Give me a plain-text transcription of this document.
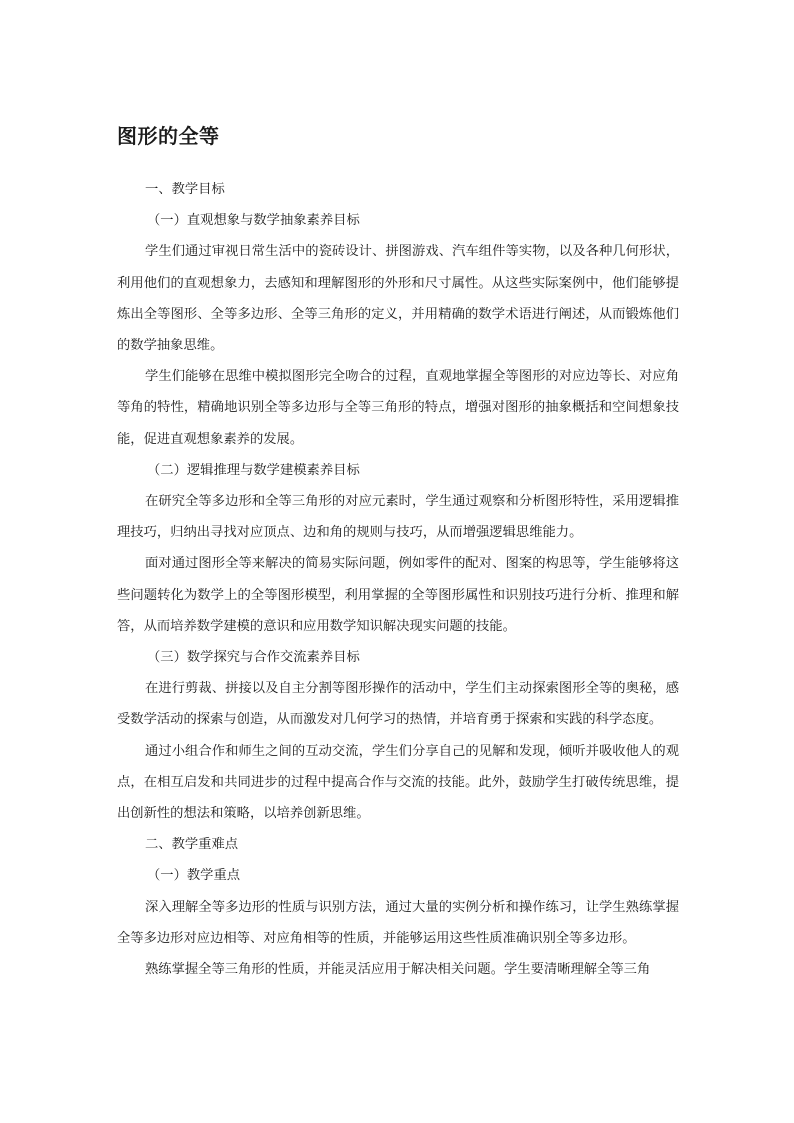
图形的全等

一、教学目标

（一）直观想象与数学抽象素养目标

学生们通过审视日常生活中的瓷砖设计、拼图游戏、汽车组件等实物，以及各种几何形状，利用他们的直观想象力，去感知和理解图形的外形和尺寸属性。从这些实际案例中，他们能够提炼出全等图形、全等多边形、全等三角形的定义，并用精确的数学术语进行阐述，从而锻炼他们的数学抽象思维。

学生们能够在思维中模拟图形完全吻合的过程，直观地掌握全等图形的对应边等长、对应角等角的特性，精确地识别全等多边形与全等三角形的特点，增强对图形的抽象概括和空间想象技能，促进直观想象素养的发展。

（二）逻辑推理与数学建模素养目标

在研究全等多边形和全等三角形的对应元素时，学生通过观察和分析图形特性，采用逻辑推理技巧，归纳出寻找对应顶点、边和角的规则与技巧，从而增强逻辑思维能力。

面对通过图形全等来解决的简易实际问题，例如零件的配对、图案的构思等，学生能够将这些问题转化为数学上的全等图形模型，利用掌握的全等图形属性和识别技巧进行分析、推理和解答，从而培养数学建模的意识和应用数学知识解决现实问题的技能。

（三）数学探究与合作交流素养目标

在进行剪裁、拼接以及自主分割等图形操作的活动中，学生们主动探索图形全等的奥秘，感受数学活动的探索与创造，从而激发对几何学习的热情，并培育勇于探索和实践的科学态度。

通过小组合作和师生之间的互动交流，学生们分享自己的见解和发现，倾听并吸收他人的观点，在相互启发和共同进步的过程中提高合作与交流的技能。此外，鼓励学生打破传统思维，提出创新性的想法和策略，以培养创新思维。

二、教学重难点

（一）教学重点

深入理解全等多边形的性质与识别方法，通过大量的实例分析和操作练习，让学生熟练掌握全等多边形对应边相等、对应角相等的性质，并能够运用这些性质准确识别全等多边形。

熟练掌握全等三角形的性质，并能灵活应用于解决相关问题。学生要清晰理解全等三角
